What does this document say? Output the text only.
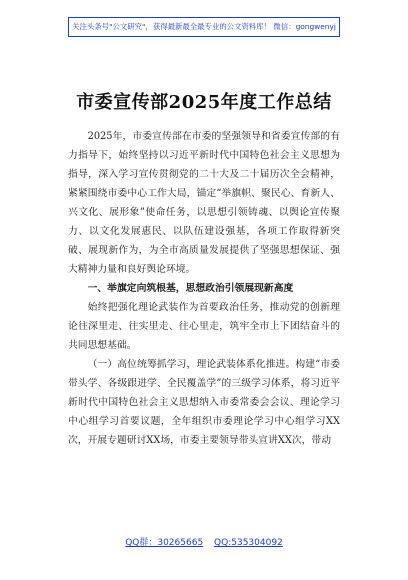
关注头条号"公文研究"，获得最新最全最专业的公文资料库！ 微信：gongwenyj
市委宣传部2025年度工作总结

2025年，市委宣传部在市委的坚强领导和省委宣传部的有力指导下，始终坚持以习近平新时代中国特色社会主义思想为指导，深入学习宣传贯彻党的二十大及二十届历次全会精神，紧紧围绕市委中心工作大局，锚定“举旗帜、聚民心、育新人、兴文化、展形象”使命任务，以思想引领铸魂、以舆论宣传聚力、以文化发展惠民、以队伍建设强基，各项工作取得新突破、展现新作为，为全市高质量发展提供了坚强思想保证、强大精神力量和良好舆论环境。

一、举旗定向筑根基，思想政治引领展现新高度

始终把强化理论武装作为首要政治任务，推动党的创新理论往深里走、往实里走、往心里走，筑牢全市上下团结奋斗的共同思想基础。

（一）高位统筹抓学习，理论武装体系化推进。构建“市委带头学、各级跟进学、全民覆盖学”的三级学习体系，将习近平新时代中国特色社会主义思想纳入市委常委会会议、理论学习中心组学习首要议题，全年组织市委理论学习中心组学习XX次，开展专题研讨XX场，市委主要领导带头宣讲XX次，带动

QQ群：30265665 QQ:535304092
